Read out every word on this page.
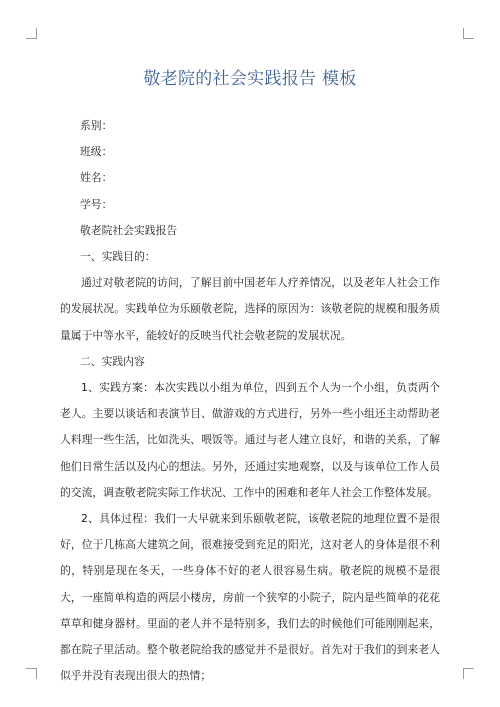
敬老院的社会实践报告 模板

系别：

班级：

姓名：

学号：

敬老院社会实践报告

一、实践目的：

通过对敬老院的访问，了解目前中国老年人疗养情况，以及老年人社会工作的发展状况。实践单位为乐颐敬老院，选择的原因为：该敬老院的规模和服务质量属于中等水平，能较好的反映当代社会敬老院的发展状况。

二、实践内容

1、实践方案：本次实践以小组为单位，四到五个人为一个小组，负责两个老人。主要以谈话和表演节目、做游戏的方式进行，另外一些小组还主动帮助老人料理一些生活，比如洗头、喂饭等。通过与老人建立良好，和谐的关系，了解他们日常生活以及内心的想法。另外，还通过实地观察，以及与该单位工作人员的交流，调查敬老院实际工作状况、工作中的困难和老年人社会工作整体发展。

2、具体过程：我们一大早就来到乐颐敬老院，该敬老院的地理位置不是很好，位于几栋高大建筑之间，很难接受到充足的阳光，这对老人的身体是很不利的，特别是现在冬天，一些身体不好的老人很容易生病。敬老院的规模不是很大，一座简单构造的两层小楼房，房前一个狭窄的小院子，院内是些简单的花花草草和健身器材。里面的老人并不是特别多，我们去的时候他们可能刚刚起来，都在院子里活动。整个敬老院给我的感觉并不是很好。首先对于我们的到来老人似乎并没有表现出很大的热情；
